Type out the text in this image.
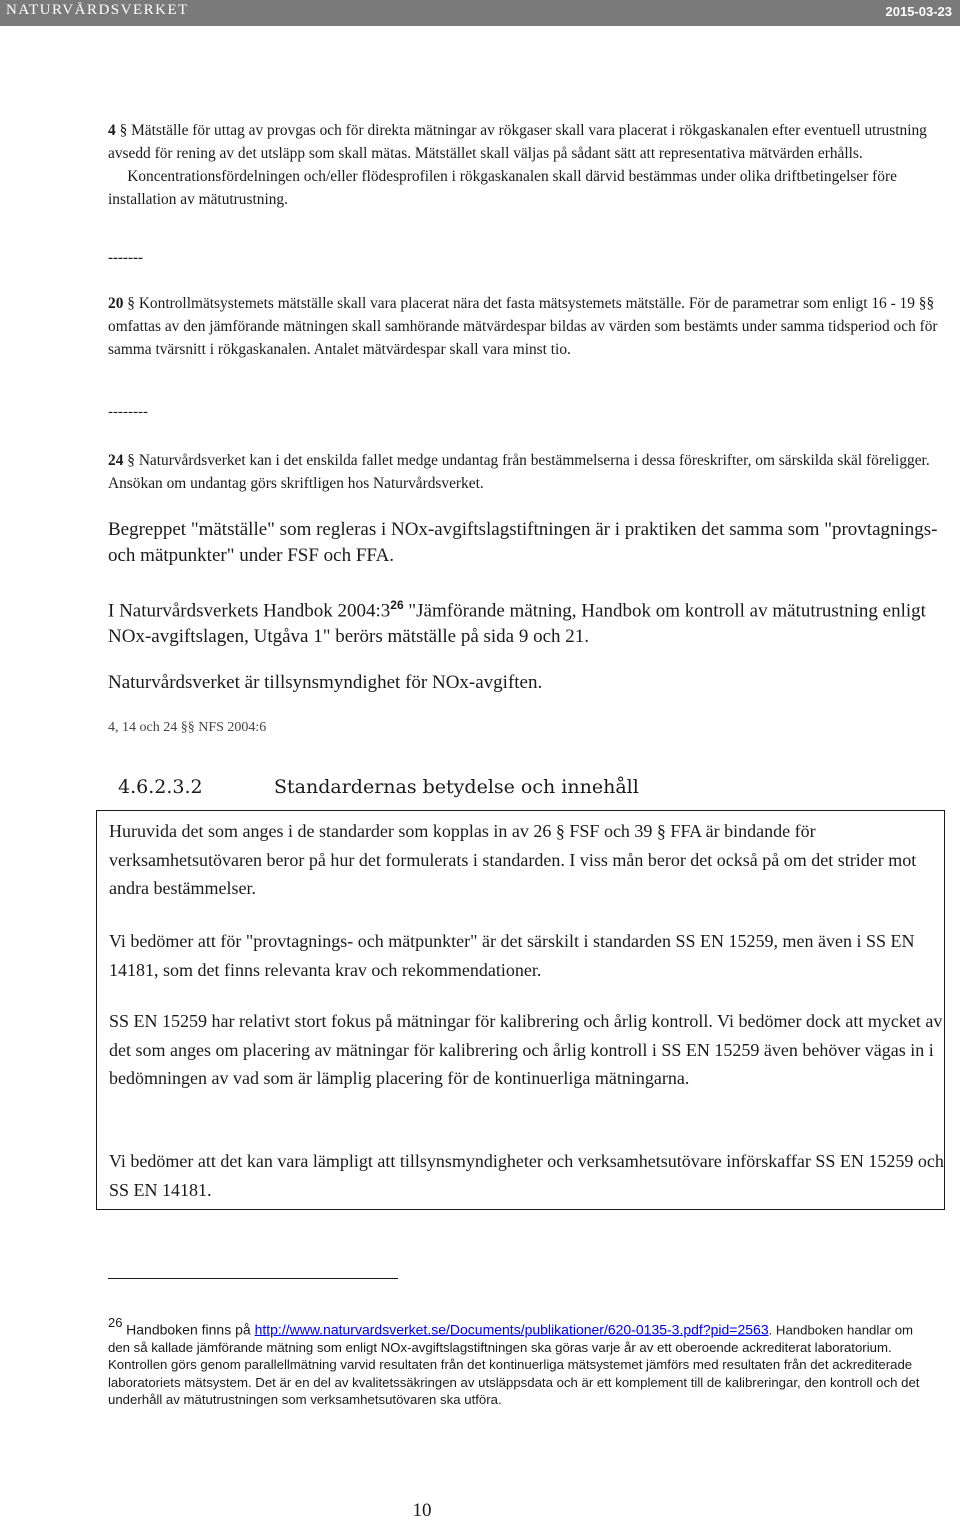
NATURVÅRDSVERKET	2015-03-23

4 § Mätställe för uttag av provgas och för direkta mätningar av rökgaser skall vara placerat i rökgaskanalen efter eventuell utrustning avsedd för rening av det utsläpp som skall mätas. Mätstället skall väljas på sådant sätt att representativa mätvärden erhålls.
Koncentrationsfördelningen och/eller flödesprofilen i rökgaskanalen skall därvid bestämmas under olika driftbetingelser före installation av mätutrustning.

-------

20 § Kontrollmätsystemets mätställe skall vara placerat nära det fasta mätsystemets mätställe. För de parametrar som enligt 16 - 19 §§ omfattas av den jämförande mätningen skall samhörande mätvärdespar bildas av värden som bestämts under samma tidsperiod och för samma tvärsnitt i rökgaskanalen. Antalet mätvärdespar skall vara minst tio.

--------

24 § Naturvårdsverket kan i det enskilda fallet medge undantag från bestämmelserna i dessa föreskrifter, om särskilda skäl föreligger. Ansökan om undantag görs skriftligen hos Naturvårdsverket.

Begreppet "mätställe" som regleras i NOx-avgiftslagstiftningen är i praktiken det samma som "provtagnings- och mätpunkter" under FSF och FFA.

I Naturvårdsverkets Handbok $2004:3^{26}$ "Jämförande mätning, Handbok om kontroll av mätutrustning enligt NOx-avgiftslagen, Utgåva 1" berörs mätställe på sida 9 och 21.

Naturvårdsverket är tillsynsmyndighet för NOx-avgiften.

4, 14 och 24 §§ NFS 2004:6
4.6.2.3.2	Standardernas betydelse och innehåll

Huruvida det som anges i de standarder som kopplas in av 26 § FSF och 39 § FFA är bindande för verksamhetsutövaren beror på hur det formulerats i standarden. I viss mån beror det också på om det strider mot andra bestämmelser.

Vi bedömer att för "provtagnings- och mätpunkter" är det särskilt i standarden SS EN 15259, men även i SS EN 14181, som det finns relevanta krav och rekommendationer.

SS EN 15259 har relativt stort fokus på mätningar för kalibrering och årlig kontroll. Vi bedömer dock att mycket av det som anges om placering av mätningar för kalibrering och årlig kontroll i SS EN 15259 även behöver vägas in i bedömningen av vad som är lämplig placering för de kontinuerliga mätningarna.

Vi bedömer att det kan vara lämpligt att tillsynsmyndigheter och verksamhetsutövare införskaffar SS EN 15259 och SS EN 14181.

$^{26}$ Handboken finns på http://www.naturvardsverket.se/Documents/publikationer/620-0135-3.pdf?pid=2563. Handboken handlar om den så kallade jämförande mätning som enligt NOx-avgiftslagstiftningen ska göras varje år av ett oberoende ackrediterat laboratorium. Kontrollen görs genom parallellmätning varvid resultaten från det kontinuerliga mätsystemet jämförs med resultaten från det ackrediterade laboratoriets mätsystem. Det är en del av kvalitetssäkringen av utsläppsdata och är ett komplement till de kalibreringar, den kontroll och det underhåll av mätutrustningen som verksamhetsutövaren ska utföra.

10
